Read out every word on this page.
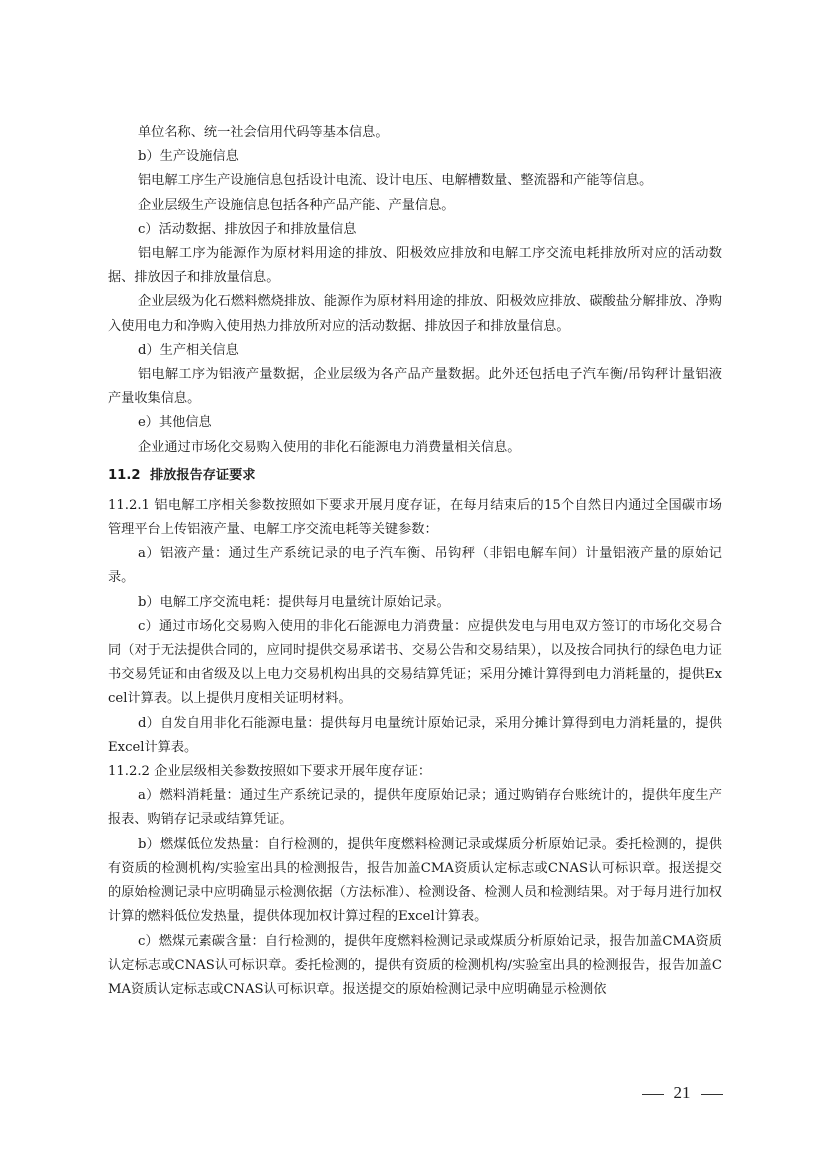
单位名称、统一社会信用代码等基本信息。

b）生产设施信息

铝电解工序生产设施信息包括设计电流、设计电压、电解槽数量、整流器和产能等信息。

企业层级生产设施信息包括各种产品产能、产量信息。

c）活动数据、排放因子和排放量信息

铝电解工序为能源作为原材料用途的排放、阳极效应排放和电解工序交流电耗排放所对应的活动数据、排放因子和排放量信息。

企业层级为化石燃料燃烧排放、能源作为原材料用途的排放、阳极效应排放、碳酸盐分解排放、净购入使用电力和净购入使用热力排放所对应的活动数据、排放因子和排放量信息。

d）生产相关信息

铝电解工序为铝液产量数据，企业层级为各产品产量数据。此外还包括电子汽车衡/吊钩秤计量铝液产量收集信息。

e）其他信息

企业通过市场化交易购入使用的非化石能源电力消费量相关信息。

11.2 排放报告存证要求

11.2.1 铝电解工序相关参数按照如下要求开展月度存证，在每月结束后的15个自然日内通过全国碳市场管理平台上传铝液产量、电解工序交流电耗等关键参数：

a）铝液产量：通过生产系统记录的电子汽车衡、吊钩秤（非铝电解车间）计量铝液产量的原始记录。

b）电解工序交流电耗：提供每月电量统计原始记录。

c）通过市场化交易购入使用的非化石能源电力消费量：应提供发电与用电双方签订的市场化交易合同（对于无法提供合同的，应同时提供交易承诺书、交易公告和交易结果），以及按合同执行的绿色电力证书交易凭证和由省级及以上电力交易机构出具的交易结算凭证；采用分摊计算得到电力消耗量的，提供Excel计算表。以上提供月度相关证明材料。

d）自发自用非化石能源电量：提供每月电量统计原始记录，采用分摊计算得到电力消耗量的，提供Excel计算表。

11.2.2 企业层级相关参数按照如下要求开展年度存证：

a）燃料消耗量：通过生产系统记录的，提供年度原始记录；通过购销存台账统计的，提供年度生产报表、购销存记录或结算凭证。

b）燃煤低位发热量：自行检测的，提供年度燃料检测记录或煤质分析原始记录。委托检测的，提供有资质的检测机构/实验室出具的检测报告，报告加盖CMA资质认定标志或CNAS认可标识章。报送提交的原始检测记录中应明确显示检测依据（方法标准）、检测设备、检测人员和检测结果。对于每月进行加权计算的燃料低位发热量，提供体现加权计算过程的Excel计算表。

c）燃煤元素碳含量：自行检测的，提供年度燃料检测记录或煤质分析原始记录，报告加盖CMA资质认定标志或CNAS认可标识章。委托检测的，提供有资质的检测机构/实验室出具的检测报告，报告加盖CMA资质认定标志或CNAS认可标识章。报送提交的原始检测记录中应明确显示检测依

21
